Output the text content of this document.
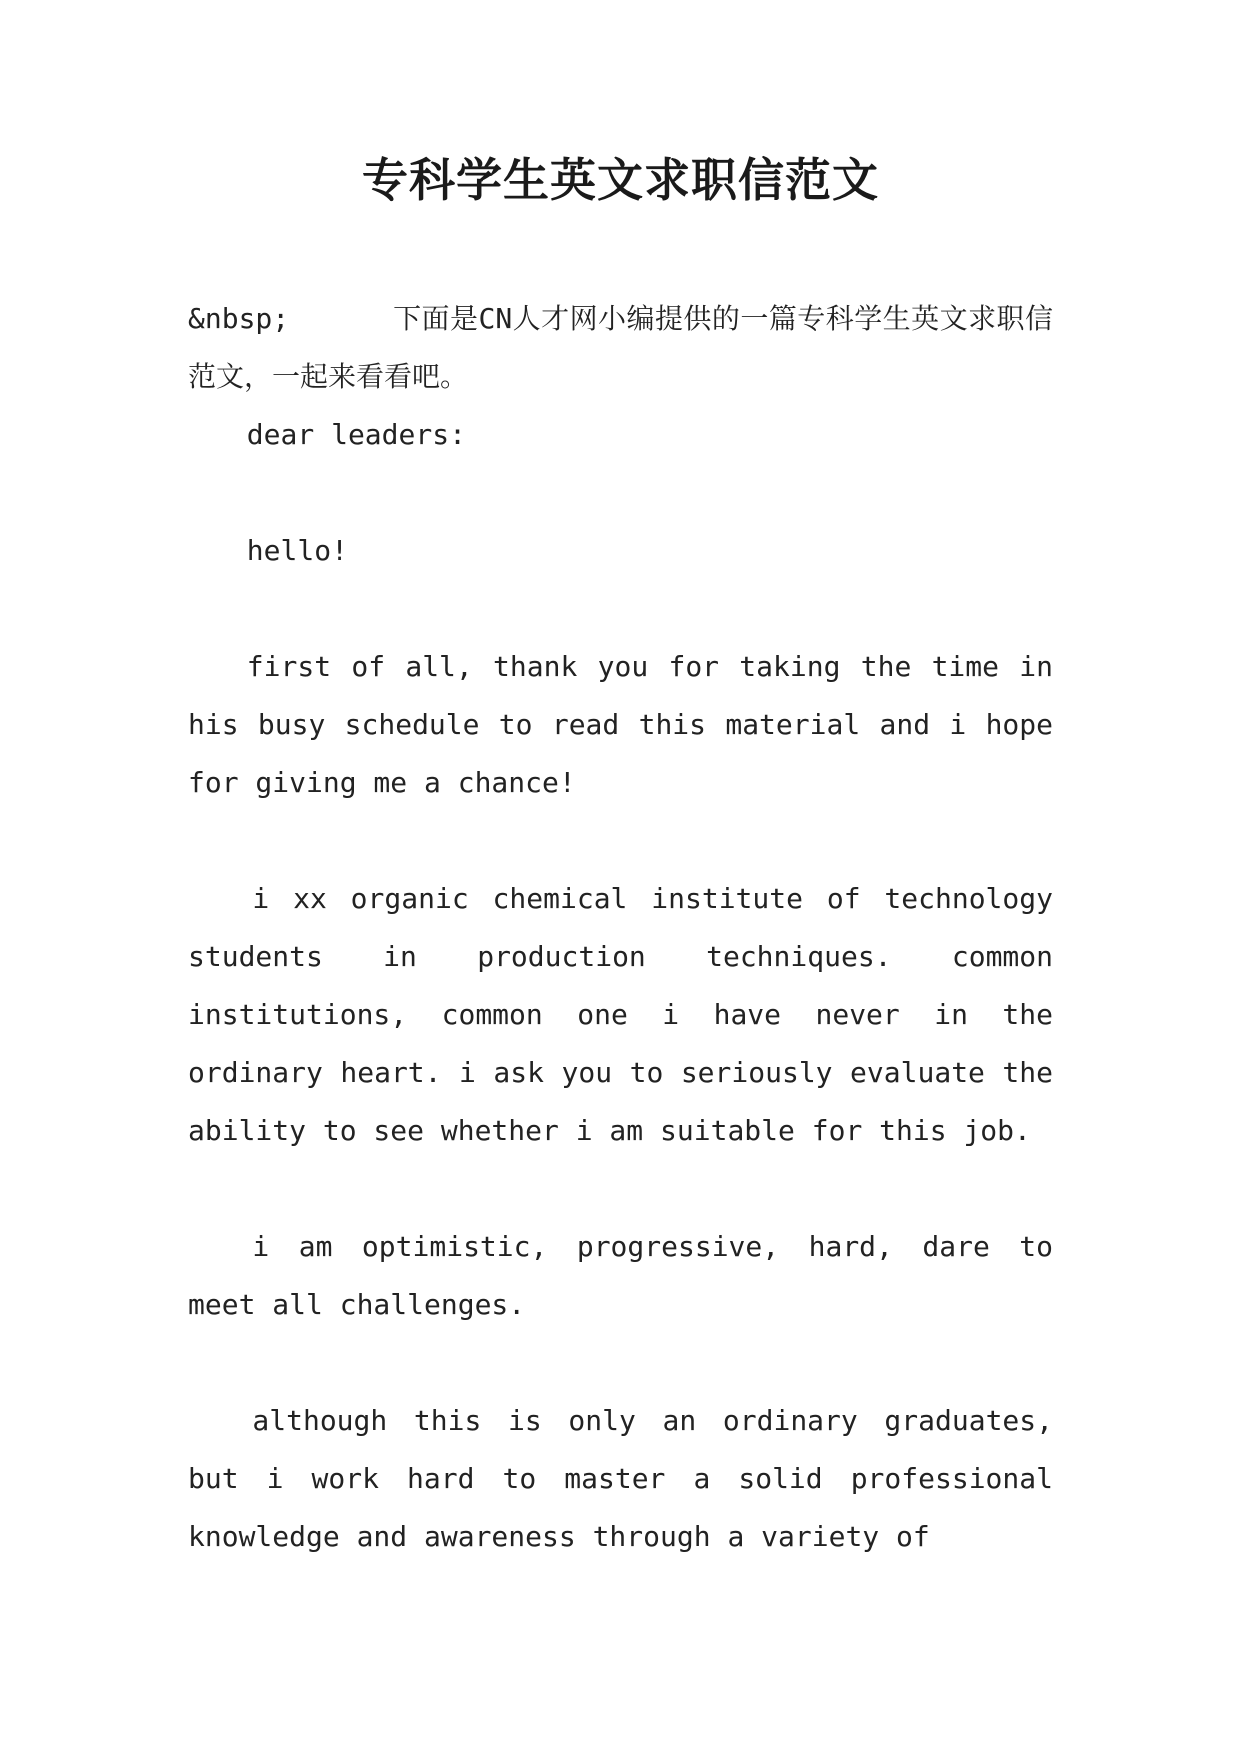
专科学生英文求职信范文

&nbsp;      下面是CN人才网小编提供的一篇专科学生英文求职信范文，一起来看看吧。

dear leaders:

hello!

first of all, thank you for taking the time in his busy schedule to read this material and i hope for giving me a chance!

i xx organic chemical institute of technology students in production techniques. common institutions, common one i have never in the ordinary heart. i ask you to seriously evaluate the ability to see whether i am suitable for this job.

i am optimistic, progressive, hard, dare to meet all challenges.

although this is only an ordinary graduates, but i work hard to master a solid professional knowledge and awareness through a variety of
